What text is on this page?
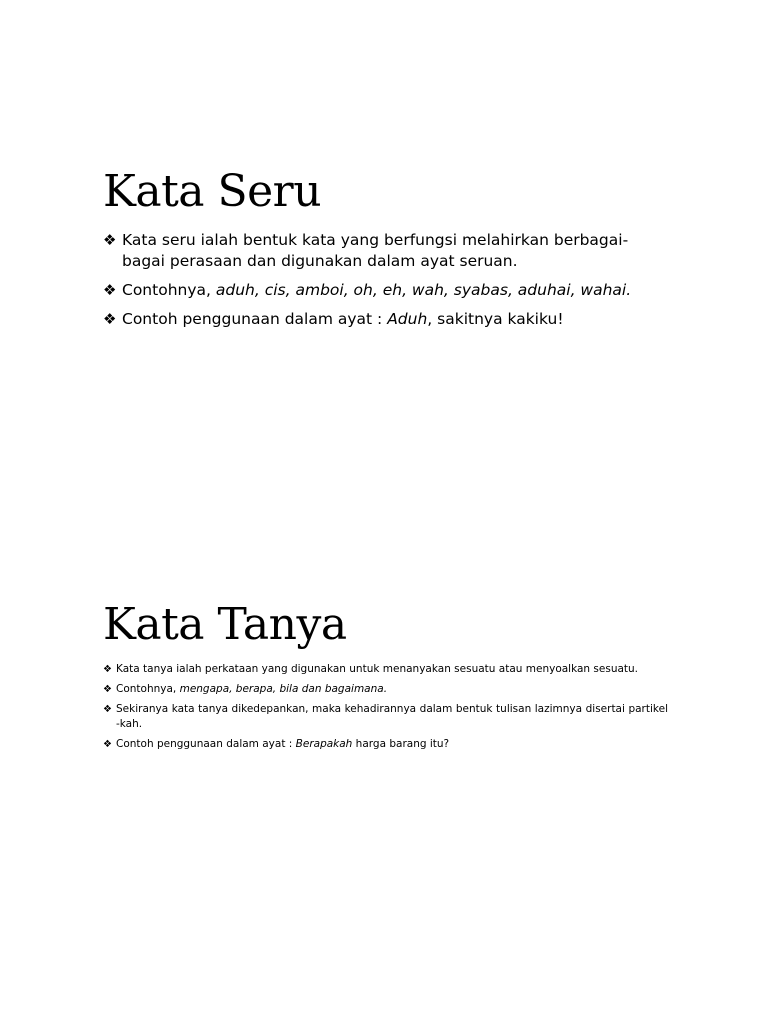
Kata Seru
❖ Kata seru ialah bentuk kata yang berfungsi melahirkan berbagai-bagai perasaan dan digunakan dalam ayat seruan.
❖ Contohnya, aduh, cis, amboi, oh, eh, wah, syabas, aduhai, wahai.
❖ Contoh penggunaan dalam ayat : Aduh, sakitnya kakiku!
Kata Tanya
❖ Kata tanya ialah perkataan yang digunakan untuk menanyakan sesuatu atau menyoalkan sesuatu.
❖ Contohnya, mengapa, berapa, bila dan bagaimana.
❖ Sekiranya kata tanya dikedepankan, maka kehadirannya dalam bentuk tulisan lazimnya disertai partikel -kah.
❖ Contoh penggunaan dalam ayat : Berapakah harga barang itu?
